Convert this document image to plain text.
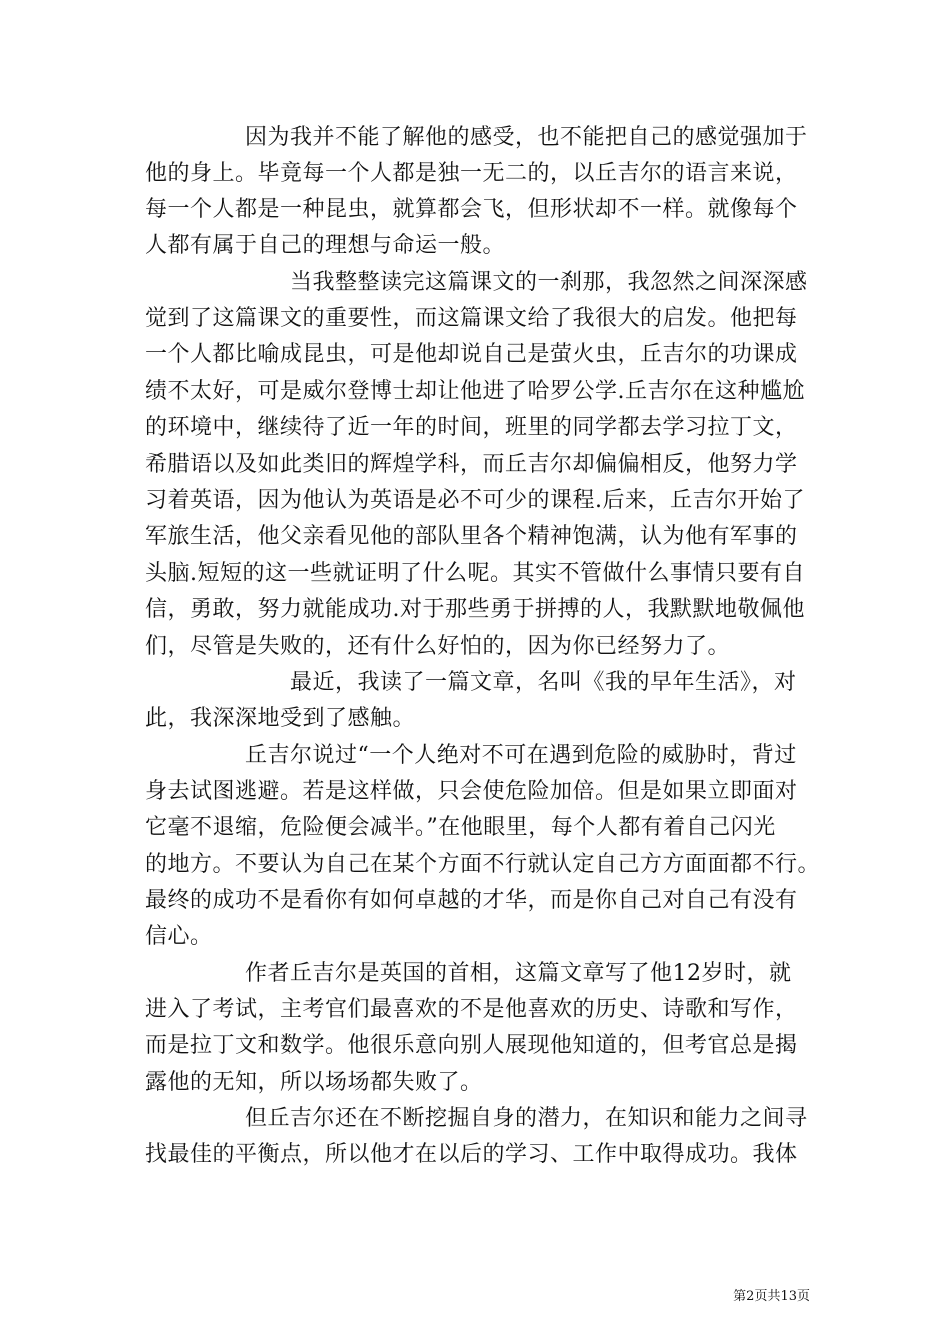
因为我并不能了解他的感受，也不能把自己的感觉强加于
他的身上。毕竟每一个人都是独一无二的，以丘吉尔的语言来说，
每一个人都是一种昆虫，就算都会飞，但形状却不一样。就像每个
人都有属于自己的理想与命运一般。
当我整整读完这篇课文的一刹那，我忽然之间深深感
觉到了这篇课文的重要性，而这篇课文给了我很大的启发。他把每
一个人都比喻成昆虫，可是他却说自己是萤火虫，丘吉尔的功课成
绩不太好，可是威尔登博士却让他进了哈罗公学.丘吉尔在这种尴尬
的环境中，继续待了近一年的时间，班里的同学都去学习拉丁文，
希腊语以及如此类旧的辉煌学科，而丘吉尔却偏偏相反，他努力学
习着英语，因为他认为英语是必不可少的课程.后来，丘吉尔开始了
军旅生活，他父亲看见他的部队里各个精神饱满，认为他有军事的
头脑.短短的这一些就证明了什么呢。其实不管做什么事情只要有自
信，勇敢，努力就能成功.对于那些勇于拼搏的人，我默默地敬佩他
们，尽管是失败的，还有什么好怕的，因为你已经努力了。
最近，我读了一篇文章，名叫《我的早年生活》，对
此，我深深地受到了感触。
丘吉尔说过“一个人绝对不可在遇到危险的威胁时，背过
身去试图逃避。若是这样做，只会使危险加倍。但是如果立即面对
它毫不退缩，危险便会减半。”在他眼里，每个人都有着自己闪光
的地方。不要认为自己在某个方面不行就认定自己方方面面都不行。
最终的成功不是看你有如何卓越的才华，而是你自己对自己有没有
信心。
作者丘吉尔是英国的首相，这篇文章写了他12岁时，就
进入了考试，主考官们最喜欢的不是他喜欢的历史、诗歌和写作，
而是拉丁文和数学。他很乐意向别人展现他知道的，但考官总是揭
露他的无知，所以场场都失败了。
但丘吉尔还在不断挖掘自身的潜力，在知识和能力之间寻
找最佳的平衡点，所以他才在以后的学习、工作中取得成功。我体
第2页共13页
